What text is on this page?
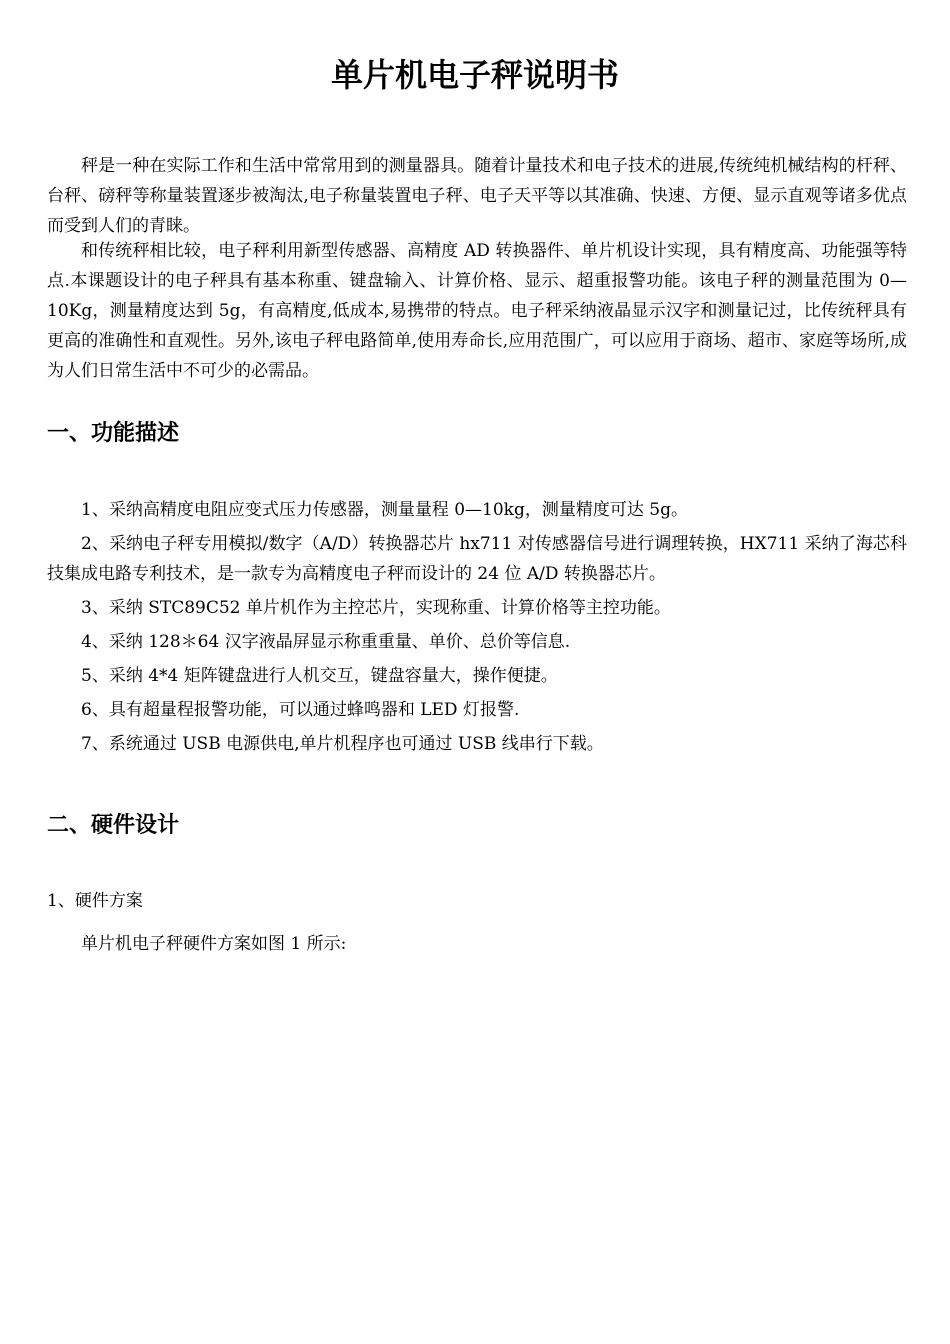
单片机电子秤说明书

秤是一种在实际工作和生活中常常用到的测量器具。随着计量技术和电子技术的进展,传统纯机械结构的杆秤、台秤、磅秤等称量装置逐步被淘汰,电子称量装置电子秤、电子天平等以其准确、快速、方便、显示直观等诸多优点而受到人们的青睐。

和传统秤相比较，电子秤利用新型传感器、高精度 AD 转换器件、单片机设计实现，具有精度高、功能强等特点.本课题设计的电子秤具有基本称重、键盘输入、计算价格、显示、超重报警功能。该电子秤的测量范围为 0—10Kg，测量精度达到 5g，有高精度,低成本,易携带的特点。电子秤采纳液晶显示汉字和测量记过，比传统秤具有更高的准确性和直观性。另外,该电子秤电路简单,使用寿命长,应用范围广，可以应用于商场、超市、家庭等场所,成为人们日常生活中不可少的必需品。

一、功能描述
1、采纳高精度电阻应变式压力传感器，测量量程 0—10kg，测量精度可达 5g。
2、采纳电子秤专用模拟/数字（A/D）转换器芯片 hx711 对传感器信号进行调理转换，HX711 采纳了海芯科技集成电路专利技术，是一款专为高精度电子秤而设计的 24 位 A/D 转换器芯片。
3、采纳 STC89C52 单片机作为主控芯片，实现称重、计算价格等主控功能。
4、采纳 128＊64 汉字液晶屏显示称重重量、单价、总价等信息.
5、采纳 4*4 矩阵键盘进行人机交互，键盘容量大，操作便捷。
6、具有超量程报警功能，可以通过蜂鸣器和 LED 灯报警.
7、系统通过 USB 电源供电,单片机程序也可通过 USB 线串行下载。
二、硬件设计

1、硬件方案

单片机电子秤硬件方案如图 1 所示:
